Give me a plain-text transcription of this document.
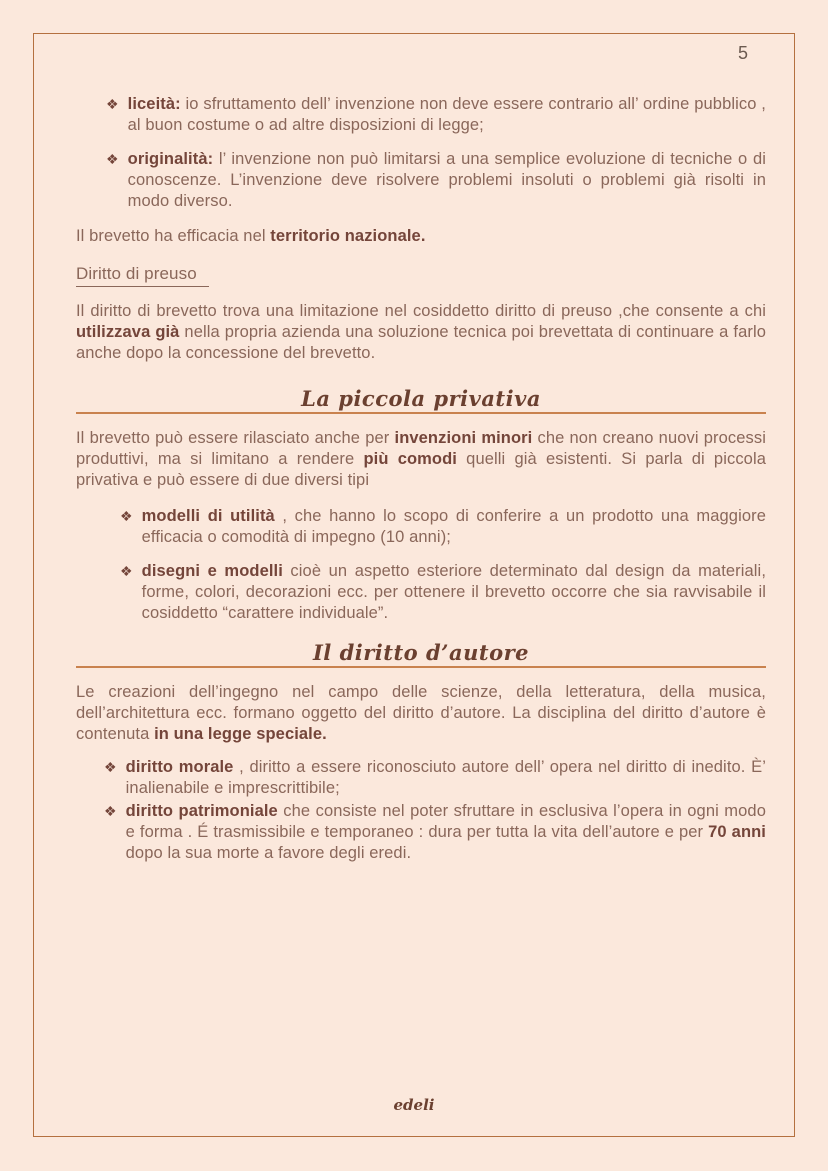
5
❖ liceità: io sfruttamento dell’ invenzione non deve essere contrario all’ ordine pubblico , al buon costume o ad altre disposizioni di legge;

❖ originalità: l’ invenzione non può limitarsi a una semplice evoluzione di tecniche o di conoscenze. L’invenzione deve risolvere problemi insoluti o problemi già risolti in modo diverso.

Il brevetto ha efficacia nel territorio nazionale.

Diritto di preuso

Il diritto di brevetto trova una limitazione nel cosiddetto diritto di preuso ,che consente a chi utilizzava già nella propria azienda una soluzione tecnica poi brevettata di continuare a farlo anche dopo la concessione del brevetto.

La piccola privativa

Il brevetto può essere rilasciato anche per invenzioni minori che non creano nuovi processi produttivi, ma si limitano a rendere più comodi quelli già esistenti. Si parla di piccola privativa e può essere di due diversi tipi

❖ modelli di utilità , che hanno lo scopo di conferire a un prodotto una maggiore efficacia o comodità di impegno (10 anni);

❖ disegni e modelli cioè un aspetto esteriore determinato dal design da materiali, forme, colori, decorazioni ecc. per ottenere il brevetto occorre che sia ravvisabile il cosiddetto “carattere individuale”.

Il diritto d’autore

Le creazioni dell’ingegno nel campo delle scienze, della letteratura, della musica, dell’architettura ecc. formano oggetto del diritto d’autore. La disciplina del diritto d’autore è contenuta in una legge speciale.

❖ diritto morale , diritto a essere riconosciuto autore dell’ opera nel diritto di inedito. È’ inalienabile e imprescrittibile;

❖ diritto patrimoniale che consiste nel poter sfruttare in esclusiva l’opera in ogni modo e forma . É trasmissibile e temporaneo : dura per tutta la vita dell’autore e per 70 anni dopo la sua morte a favore degli eredi.

edeli
